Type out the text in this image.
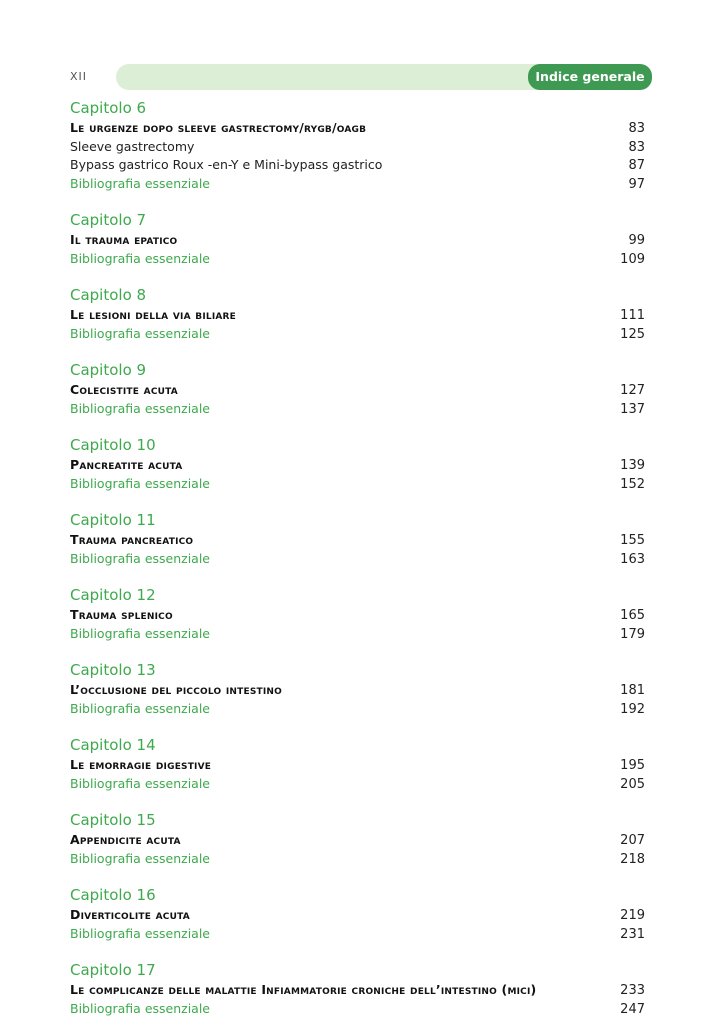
XII	Indice generale
Capitolo 6
Le urgenze dopo sleeve gastrectomy/rygb/oagb	83
Sleeve gastrectomy	83
Bypass gastrico Roux -en-Y e Mini-bypass gastrico	87
Bibliografia essenziale	97
Capitolo 7
Il trauma epatico	99
Bibliografia essenziale	109
Capitolo 8
Le lesioni della via biliare	111
Bibliografia essenziale	125
Capitolo 9
Colecistite acuta	127
Bibliografia essenziale	137
Capitolo 10
Pancreatite acuta	139
Bibliografia essenziale	152
Capitolo 11
Trauma pancreatico	155
Bibliografia essenziale	163
Capitolo 12
Trauma splenico	165
Bibliografia essenziale	179
Capitolo 13
L’occlusione del piccolo intestino	181
Bibliografia essenziale	192
Capitolo 14
Le emorragie digestive	195
Bibliografia essenziale	205
Capitolo 15
Appendicite acuta	207
Bibliografia essenziale	218
Capitolo 16
Diverticolite acuta	219
Bibliografia essenziale	231
Capitolo 17
Le complicanze delle malattie Infiammatorie croniche dell’intestino (mici)	233
Bibliografia essenziale	247
